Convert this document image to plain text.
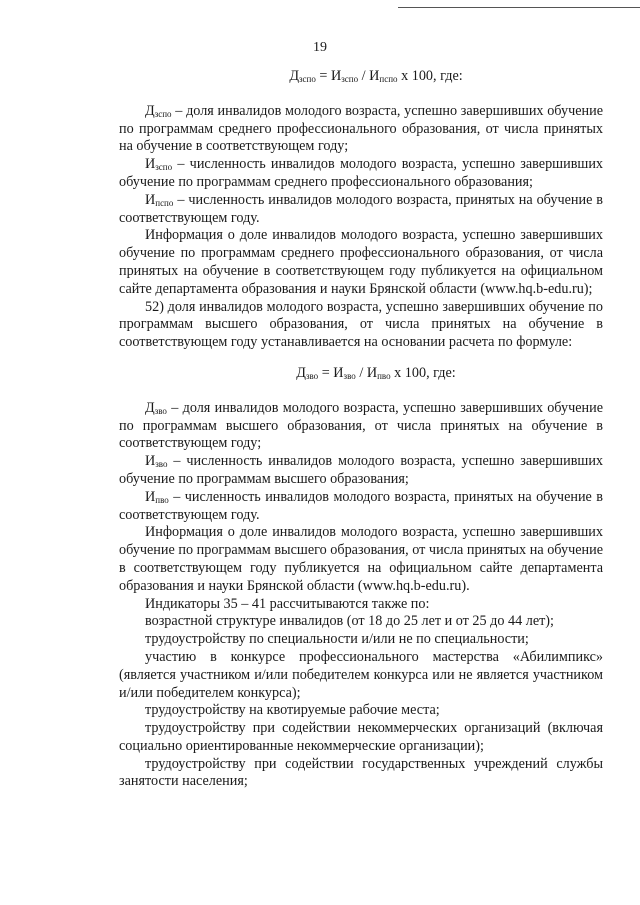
19
$Д_{зспо} = И_{зспо} / И_{пспо}$ х 100, где:

$Д_{зспо}$ – доля инвалидов молодого возраста, успешно завершивших обучение по программам среднего профессионального образования, от числа принятых на обучение в соответствующем году;

$И_{зспо}$ – численность инвалидов молодого возраста, успешно завершивших обучение по программам среднего профессионального образования;

$И_{пспо}$ – численность инвалидов молодого возраста, принятых на обучение в соответствующем году.

Информация о доле инвалидов молодого возраста, успешно завершивших обучение по программам среднего профессионального образования, от числа принятых на обучение в соответствующем году публикуется на официальном сайте департамента образования и науки Брянской области (www.hq.b-edu.ru);

52) доля инвалидов молодого возраста, успешно завершивших обучение по программам высшего образования, от числа принятых на обучение в соответствующем году устанавливается на основании расчета по формуле:

$Д_{зво} = И_{зво} / И_{пво}$ х 100, где:

$Д_{зво}$ – доля инвалидов молодого возраста, успешно завершивших обучение по программам высшего образования, от числа принятых на обучение в соответствующем году;

$И_{зво}$ – численность инвалидов молодого возраста, успешно завершивших обучение по программам высшего образования;

$И_{пво}$ – численность инвалидов молодого возраста, принятых на обучение в соответствующем году.

Информация о доле инвалидов молодого возраста, успешно завершивших обучение по программам высшего образования, от числа принятых на обучение в соответствующем году публикуется на официальном сайте департамента образования и науки Брянской области (www.hq.b-edu.ru).

Индикаторы 35 – 41 рассчитываются также по:

возрастной структуре инвалидов (от 18 до 25 лет и от 25 до 44 лет);

трудоустройству по специальности и/или не по специальности;

участию в конкурсе профессионального мастерства «Абилимпикс» (является участником и/или победителем конкурса или не является участником и/или победителем конкурса);

трудоустройству на квотируемые рабочие места;

трудоустройству при содействии некоммерческих организаций (включая социально ориентированные некоммерческие организации);

трудоустройству при содействии государственных учреждений службы занятости населения;
